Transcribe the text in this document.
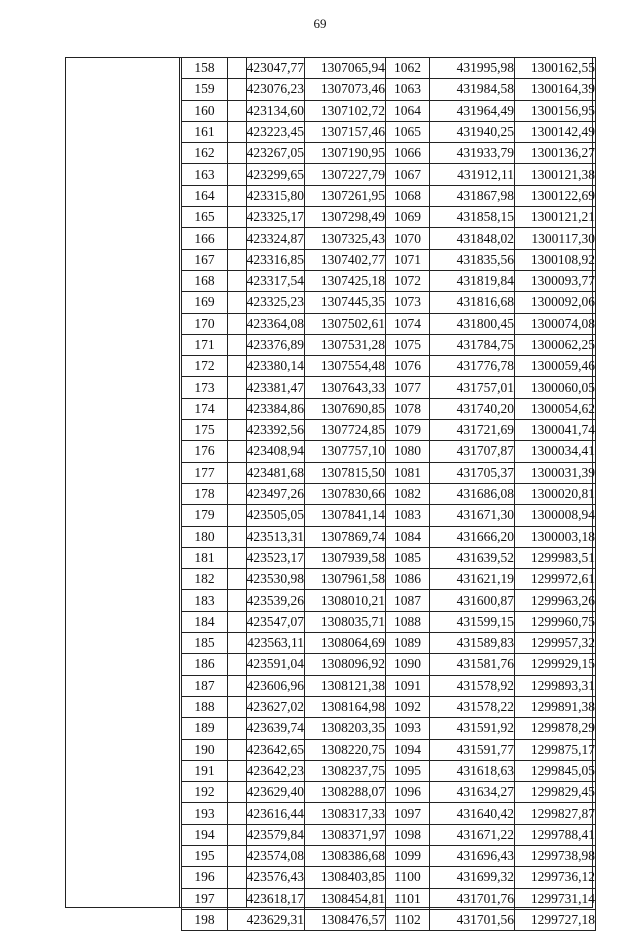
69
158	423047,77	1307065,94	1062	431995,98	1300162,55
159	423076,23	1307073,46	1063	431984,58	1300164,39
160	423134,60	1307102,72	1064	431964,49	1300156,95
161	423223,45	1307157,46	1065	431940,25	1300142,49
162	423267,05	1307190,95	1066	431933,79	1300136,27
163	423299,65	1307227,79	1067	431912,11	1300121,38
164	423315,80	1307261,95	1068	431867,98	1300122,69
165	423325,17	1307298,49	1069	431858,15	1300121,21
166	423324,87	1307325,43	1070	431848,02	1300117,30
167	423316,85	1307402,77	1071	431835,56	1300108,92
168	423317,54	1307425,18	1072	431819,84	1300093,77
169	423325,23	1307445,35	1073	431816,68	1300092,06
170	423364,08	1307502,61	1074	431800,45	1300074,08
171	423376,89	1307531,28	1075	431784,75	1300062,25
172	423380,14	1307554,48	1076	431776,78	1300059,46
173	423381,47	1307643,33	1077	431757,01	1300060,05
174	423384,86	1307690,85	1078	431740,20	1300054,62
175	423392,56	1307724,85	1079	431721,69	1300041,74
176	423408,94	1307757,10	1080	431707,87	1300034,41
177	423481,68	1307815,50	1081	431705,37	1300031,39
178	423497,26	1307830,66	1082	431686,08	1300020,81
179	423505,05	1307841,14	1083	431671,30	1300008,94
180	423513,31	1307869,74	1084	431666,20	1300003,18
181	423523,17	1307939,58	1085	431639,52	1299983,51
182	423530,98	1307961,58	1086	431621,19	1299972,61
183	423539,26	1308010,21	1087	431600,87	1299963,26
184	423547,07	1308035,71	1088	431599,15	1299960,75
185	423563,11	1308064,69	1089	431589,83	1299957,32
186	423591,04	1308096,92	1090	431581,76	1299929,15
187	423606,96	1308121,38	1091	431578,92	1299893,31
188	423627,02	1308164,98	1092	431578,22	1299891,38
189	423639,74	1308203,35	1093	431591,92	1299878,29
190	423642,65	1308220,75	1094	431591,77	1299875,17
191	423642,23	1308237,75	1095	431618,63	1299845,05
192	423629,40	1308288,07	1096	431634,27	1299829,45
193	423616,44	1308317,33	1097	431640,42	1299827,87
194	423579,84	1308371,97	1098	431671,22	1299788,41
195	423574,08	1308386,68	1099	431696,43	1299738,98
196	423576,43	1308403,85	1100	431699,32	1299736,12
197	423618,17	1308454,81	1101	431701,76	1299731,14
198	423629,31	1308476,57	1102	431701,56	1299727,18
